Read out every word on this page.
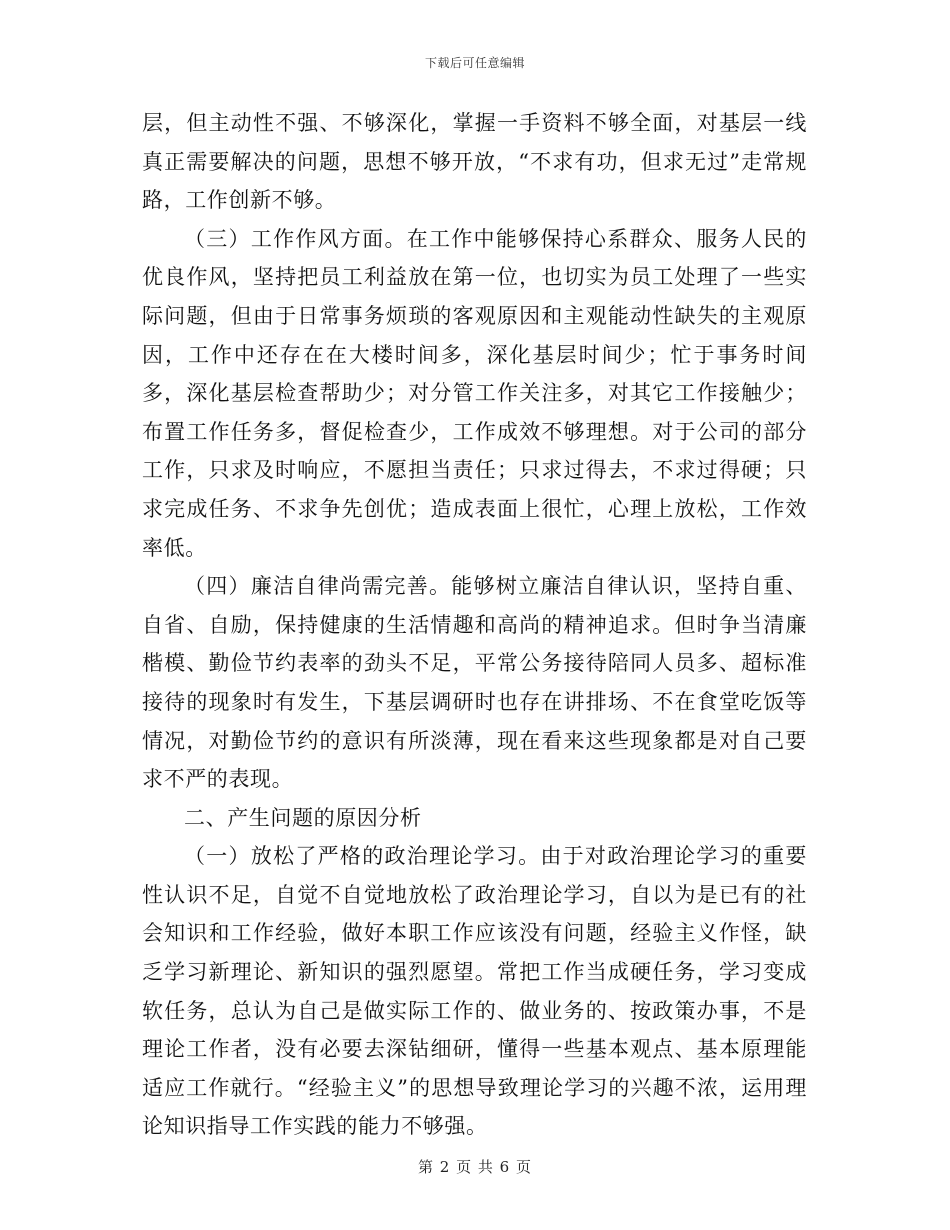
下载后可任意编辑

层，但主动性不强、不够深化，掌握一手资料不够全面，对基层一线真正需要解决的问题，思想不够开放，“不求有功，但求无过”走常规路，工作创新不够。

（三）工作作风方面。在工作中能够保持心系群众、服务人民的优良作风，坚持把员工利益放在第一位，也切实为员工处理了一些实际问题，但由于日常事务烦琐的客观原因和主观能动性缺失的主观原因，工作中还存在在大楼时间多，深化基层时间少；忙于事务时间多，深化基层检查帮助少；对分管工作关注多，对其它工作接触少；布置工作任务多，督促检查少，工作成效不够理想。对于公司的部分工作，只求及时响应，不愿担当责任；只求过得去，不求过得硬；只求完成任务、不求争先创优；造成表面上很忙，心理上放松，工作效率低。

（四）廉洁自律尚需完善。能够树立廉洁自律认识，坚持自重、自省、自励，保持健康的生活情趣和高尚的精神追求。但时争当清廉楷模、勤俭节约表率的劲头不足，平常公务接待陪同人员多、超标准接待的现象时有发生，下基层调研时也存在讲排场、不在食堂吃饭等情况，对勤俭节约的意识有所淡薄，现在看来这些现象都是对自己要求不严的表现。

二、产生问题的原因分析

（一）放松了严格的政治理论学习。由于对政治理论学习的重要性认识不足，自觉不自觉地放松了政治理论学习，自以为是已有的社会知识和工作经验，做好本职工作应该没有问题，经验主义作怪，缺乏学习新理论、新知识的强烈愿望。常把工作当成硬任务，学习变成软任务，总认为自己是做实际工作的、做业务的、按政策办事，不是理论工作者，没有必要去深钻细研，懂得一些基本观点、基本原理能适应工作就行。“经验主义”的思想导致理论学习的兴趣不浓，运用理论知识指导工作实践的能力不够强。

第 2 页 共 6 页
